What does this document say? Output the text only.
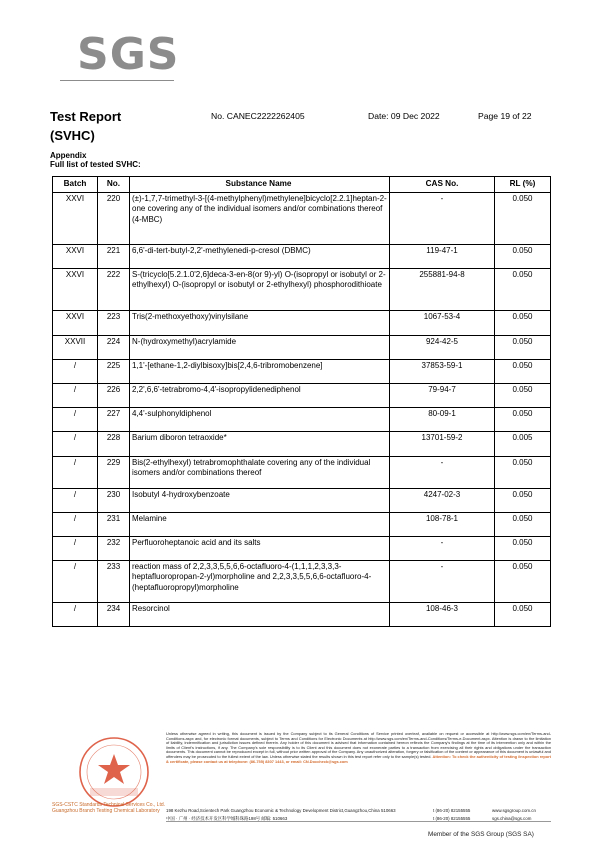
SGS
Test Report
(SVHC)
No. CANEC2222262405	Date: 09 Dec 2022	Page 19 of 22
Appendix
Full list of tested SVHC:
Batch	No.	Substance Name	CAS No.	RL (%)
XXVI	220	(±)-1,7,7-trimethyl-3-[(4-methylphenyl)methylene]bicyclo[2.2.1]heptan-2-one covering any of the individual isomers and/or combinations thereof (4-MBC)	-	0.050
XXVI	221	6,6'-di-tert-butyl-2,2'-methylenedi-p-cresol (DBMC)	119-47-1	0.050
XXVI	222	S-(tricyclo[5.2.1.0'2,6]deca-3-en-8(or 9)-yl) O-(isopropyl or isobutyl or 2-ethylhexyl) O-(isopropyl or isobutyl or 2-ethylhexyl) phosphorodithioate	255881-94-8	0.050
XXVI	223	Tris(2-methoxyethoxy)vinylsilane	1067-53-4	0.050
XXVII	224	N-(hydroxymethyl)acrylamide	924-42-5	0.050
/	225	1,1'-[ethane-1,2-diylbisoxy]bis[2,4,6-tribromobenzene]	37853-59-1	0.050
/	226	2,2',6,6'-tetrabromo-4,4'-isopropylidenediphenol	79-94-7	0.050
/	227	4,4'-sulphonyldiphenol	80-09-1	0.050
/	228	Barium diboron tetraoxide*	13701-59-2	0.005
/	229	Bis(2-ethylhexyl) tetrabromophthalate covering any of the individual isomers and/or combinations thereof	-	0.050
/	230	Isobutyl 4-hydroxybenzoate	4247-02-3	0.050
/	231	Melamine	108-78-1	0.050
/	232	Perfluoroheptanoic acid and its salts	-	0.050
/	233	reaction mass of 2,2,3,3,5,5,6,6-octafluoro-4-(1,1,1,2,3,3,3-heptafluoropropan-2-yl)morpholine and 2,2,3,3,5,5,6,6-octafluoro-4-(heptafluoropropyl)morpholine	-	0.050
/	234	Resorcinol	108-46-3	0.050
SGS-CSTC Standards Technical Services Co., Ltd.
Guangzhou Branch Testing Chemical Laboratory
Unless otherwise agreed in writing, this document is issued by the Company subject to its General Conditions of Service printed overleaf, available on request or accessible at http://www.sgs.com/en/Terms-and-Conditions.aspx and, for electronic format documents, subject to Terms and Conditions for Electronic Documents at http://www.sgs.com/en/Terms-and-Conditions/Terms-e-Document.aspx. Attention is drawn to the limitation of liability, indemnification and jurisdiction issues defined therein. Any holder of this document is advised that information contained hereon reflects the Company's findings at the time of its intervention only and within the limits of Client's instructions, if any. The Company's sole responsibility is to its Client and this document does not exonerate parties to a transaction from exercising all their rights and obligations under the transaction documents. This document cannot be reproduced except in full, without prior written approval of the Company. Any unauthorized alteration, forgery or falsification of the content or appearance of this document is unlawful and offenders may be prosecuted to the fullest extent of the law. Unless otherwise stated the results shown in this test report refer only to the sample(s) tested. Attention: To check the authenticity of testing /inspection report & certificate, please contact us at telephone: (86-755) 8307 1443, or email: CN.Doccheck@sgs.com
198 Kezhu Road,Scientech Park Guangzhou Economic & Technology Development District,Guangzhou,China 510663
中国 · 广州 · 经济技术开发区科学城科珠路198号 邮编: 510663
t (86-20) 82155555
t (86-20) 82155555
www.sgsgroup.com.cn
sgs.china@sgs.com
Member of the SGS Group (SGS SA)
